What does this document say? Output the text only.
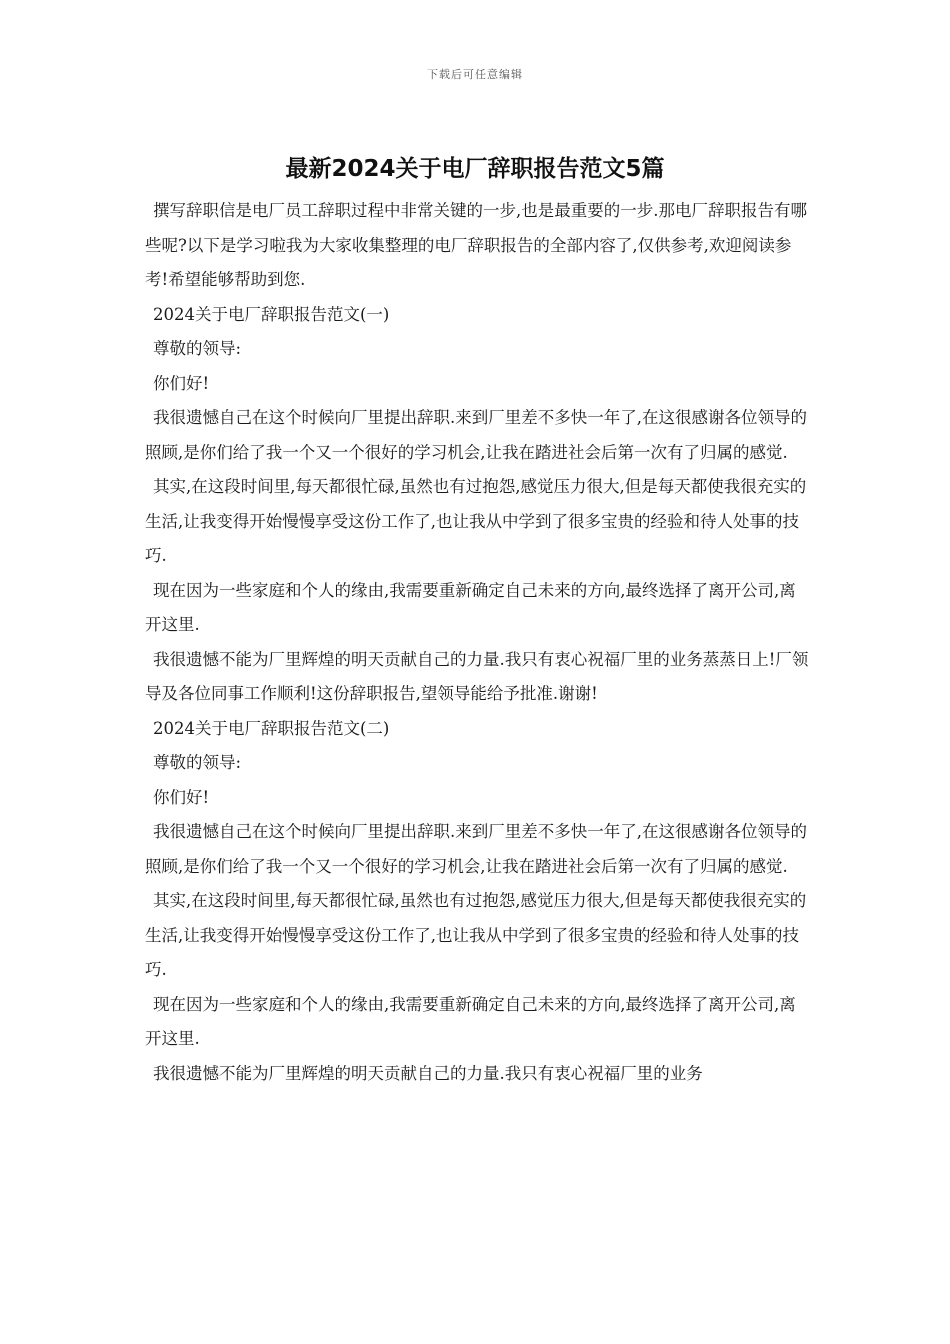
下载后可任意编辑
最新2024关于电厂辞职报告范文5篇

撰写辞职信是电厂员工辞职过程中非常关键的一步,也是最重要的一步.那电厂辞职报告有哪些呢?以下是学习啦我为大家收集整理的电厂辞职报告的全部内容了,仅供参考,欢迎阅读参考!希望能够帮助到您.

2024关于电厂辞职报告范文(一)

尊敬的领导:

你们好!

我很遗憾自己在这个时候向厂里提出辞职.来到厂里差不多快一年了,在这很感谢各位领导的照顾,是你们给了我一个又一个很好的学习机会,让我在踏进社会后第一次有了归属的感觉.

其实,在这段时间里,每天都很忙碌,虽然也有过抱怨,感觉压力很大,但是每天都使我很充实的生活,让我变得开始慢慢享受这份工作了,也让我从中学到了很多宝贵的经验和待人处事的技巧.

现在因为一些家庭和个人的缘由,我需要重新确定自己未来的方向,最终选择了离开公司,离开这里.

我很遗憾不能为厂里辉煌的明天贡献自己的力量.我只有衷心祝福厂里的业务蒸蒸日上!厂领导及各位同事工作顺利!这份辞职报告,望领导能给予批准.谢谢!

2024关于电厂辞职报告范文(二)

尊敬的领导:

你们好!

我很遗憾自己在这个时候向厂里提出辞职.来到厂里差不多快一年了,在这很感谢各位领导的照顾,是你们给了我一个又一个很好的学习机会,让我在踏进社会后第一次有了归属的感觉.

其实,在这段时间里,每天都很忙碌,虽然也有过抱怨,感觉压力很大,但是每天都使我很充实的生活,让我变得开始慢慢享受这份工作了,也让我从中学到了很多宝贵的经验和待人处事的技巧.

现在因为一些家庭和个人的缘由,我需要重新确定自己未来的方向,最终选择了离开公司,离开这里.

我很遗憾不能为厂里辉煌的明天贡献自己的力量.我只有衷心祝福厂里的业务
